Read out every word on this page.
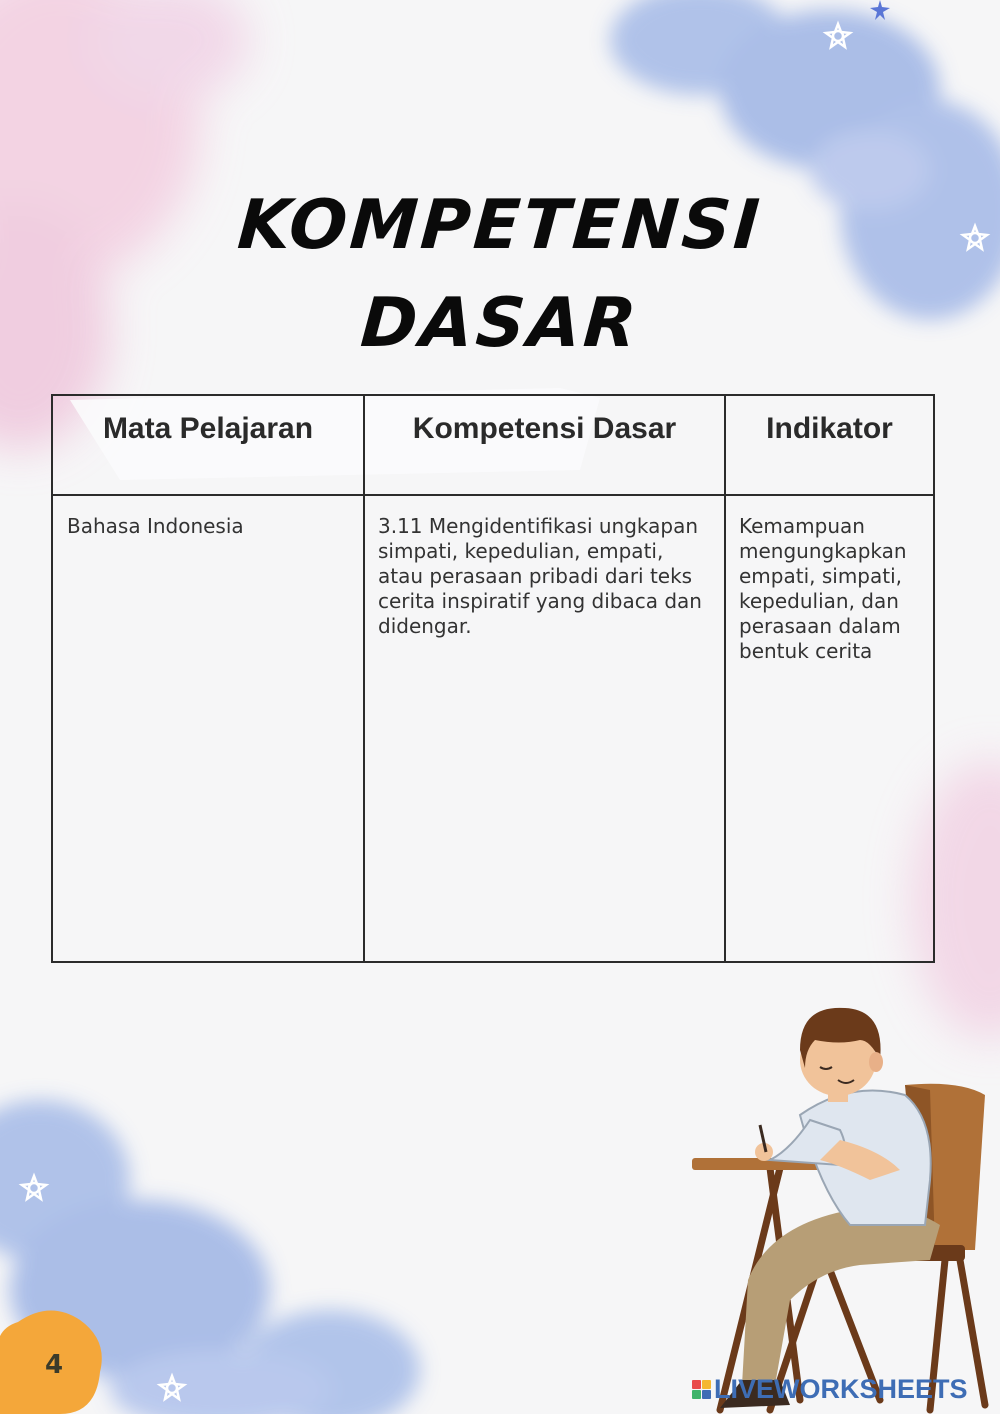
KOMPETENSI
DASAR
Mata Pelajaran	Kompetensi Dasar	Indikator
Bahasa Indonesia	3.11 Mengidentifikasi ungkapan simpati, kepedulian, empati, atau perasaan pribadi dari teks cerita inspiratif yang dibaca dan didengar.	Kemampuan mengungkapkan empati, simpati, kepedulian, dan perasaan dalam bentuk cerita
4
LIVEWORKSHEETS
